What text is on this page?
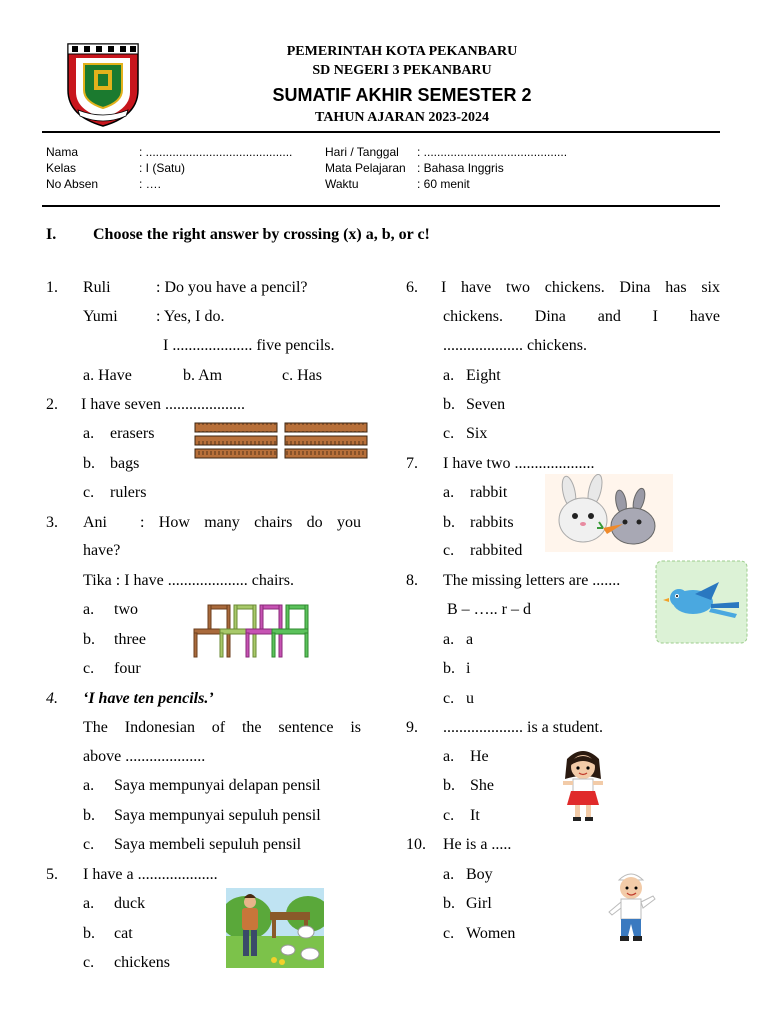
PEMERINTAH KOTA PEKANBARU
SD NEGERI 3 PEKANBARU
SUMATIF AKHIR SEMESTER 2
TAHUN AJARAN 2023-2024
Nama	: ............................................
Kelas	: I (Satu)
No Absen	: ….
Hari / Tanggal : ...........................................
Mata Pelajaran : Bahasa Inggris
Waktu	: 60 menit
I. Choose the right answer by crossing (x) a, b, or c!
1. Ruli	: Do you have a pencil?
Yumi : Yes, I do.
I .................... five pencils.
a. Have	b. Am	c. Has
2. I have seven ....................
a. erasers
b. bags
c. rulers
3. Ani : How many chairs do you
have?
Tika : I have .................... chairs.
a. two
b. three
c. four
4. ‘I have ten pencils.’
The Indonesian of the sentence is
above ....................
a. Saya mempunyai delapan pensil
b. Saya mempunyai sepuluh pensil
c. Saya membeli sepuluh pensil
5. I have a ....................
a. duck
b. cat
c. chickens
6. I have two chickens. Dina has six
chickens. Dina and I have
.................... chickens.
a. Eight
b. Seven
c. Six
7. I have two ....................
a. rabbit
b. rabbits
c. rabbited
8. The missing letters are .......
B – ….. r – d
a. a
b. i
c. u
9. .................... is a student.
a. He
b. She
c. It
10. He is a .....
a. Boy
b. Girl
c. Women
